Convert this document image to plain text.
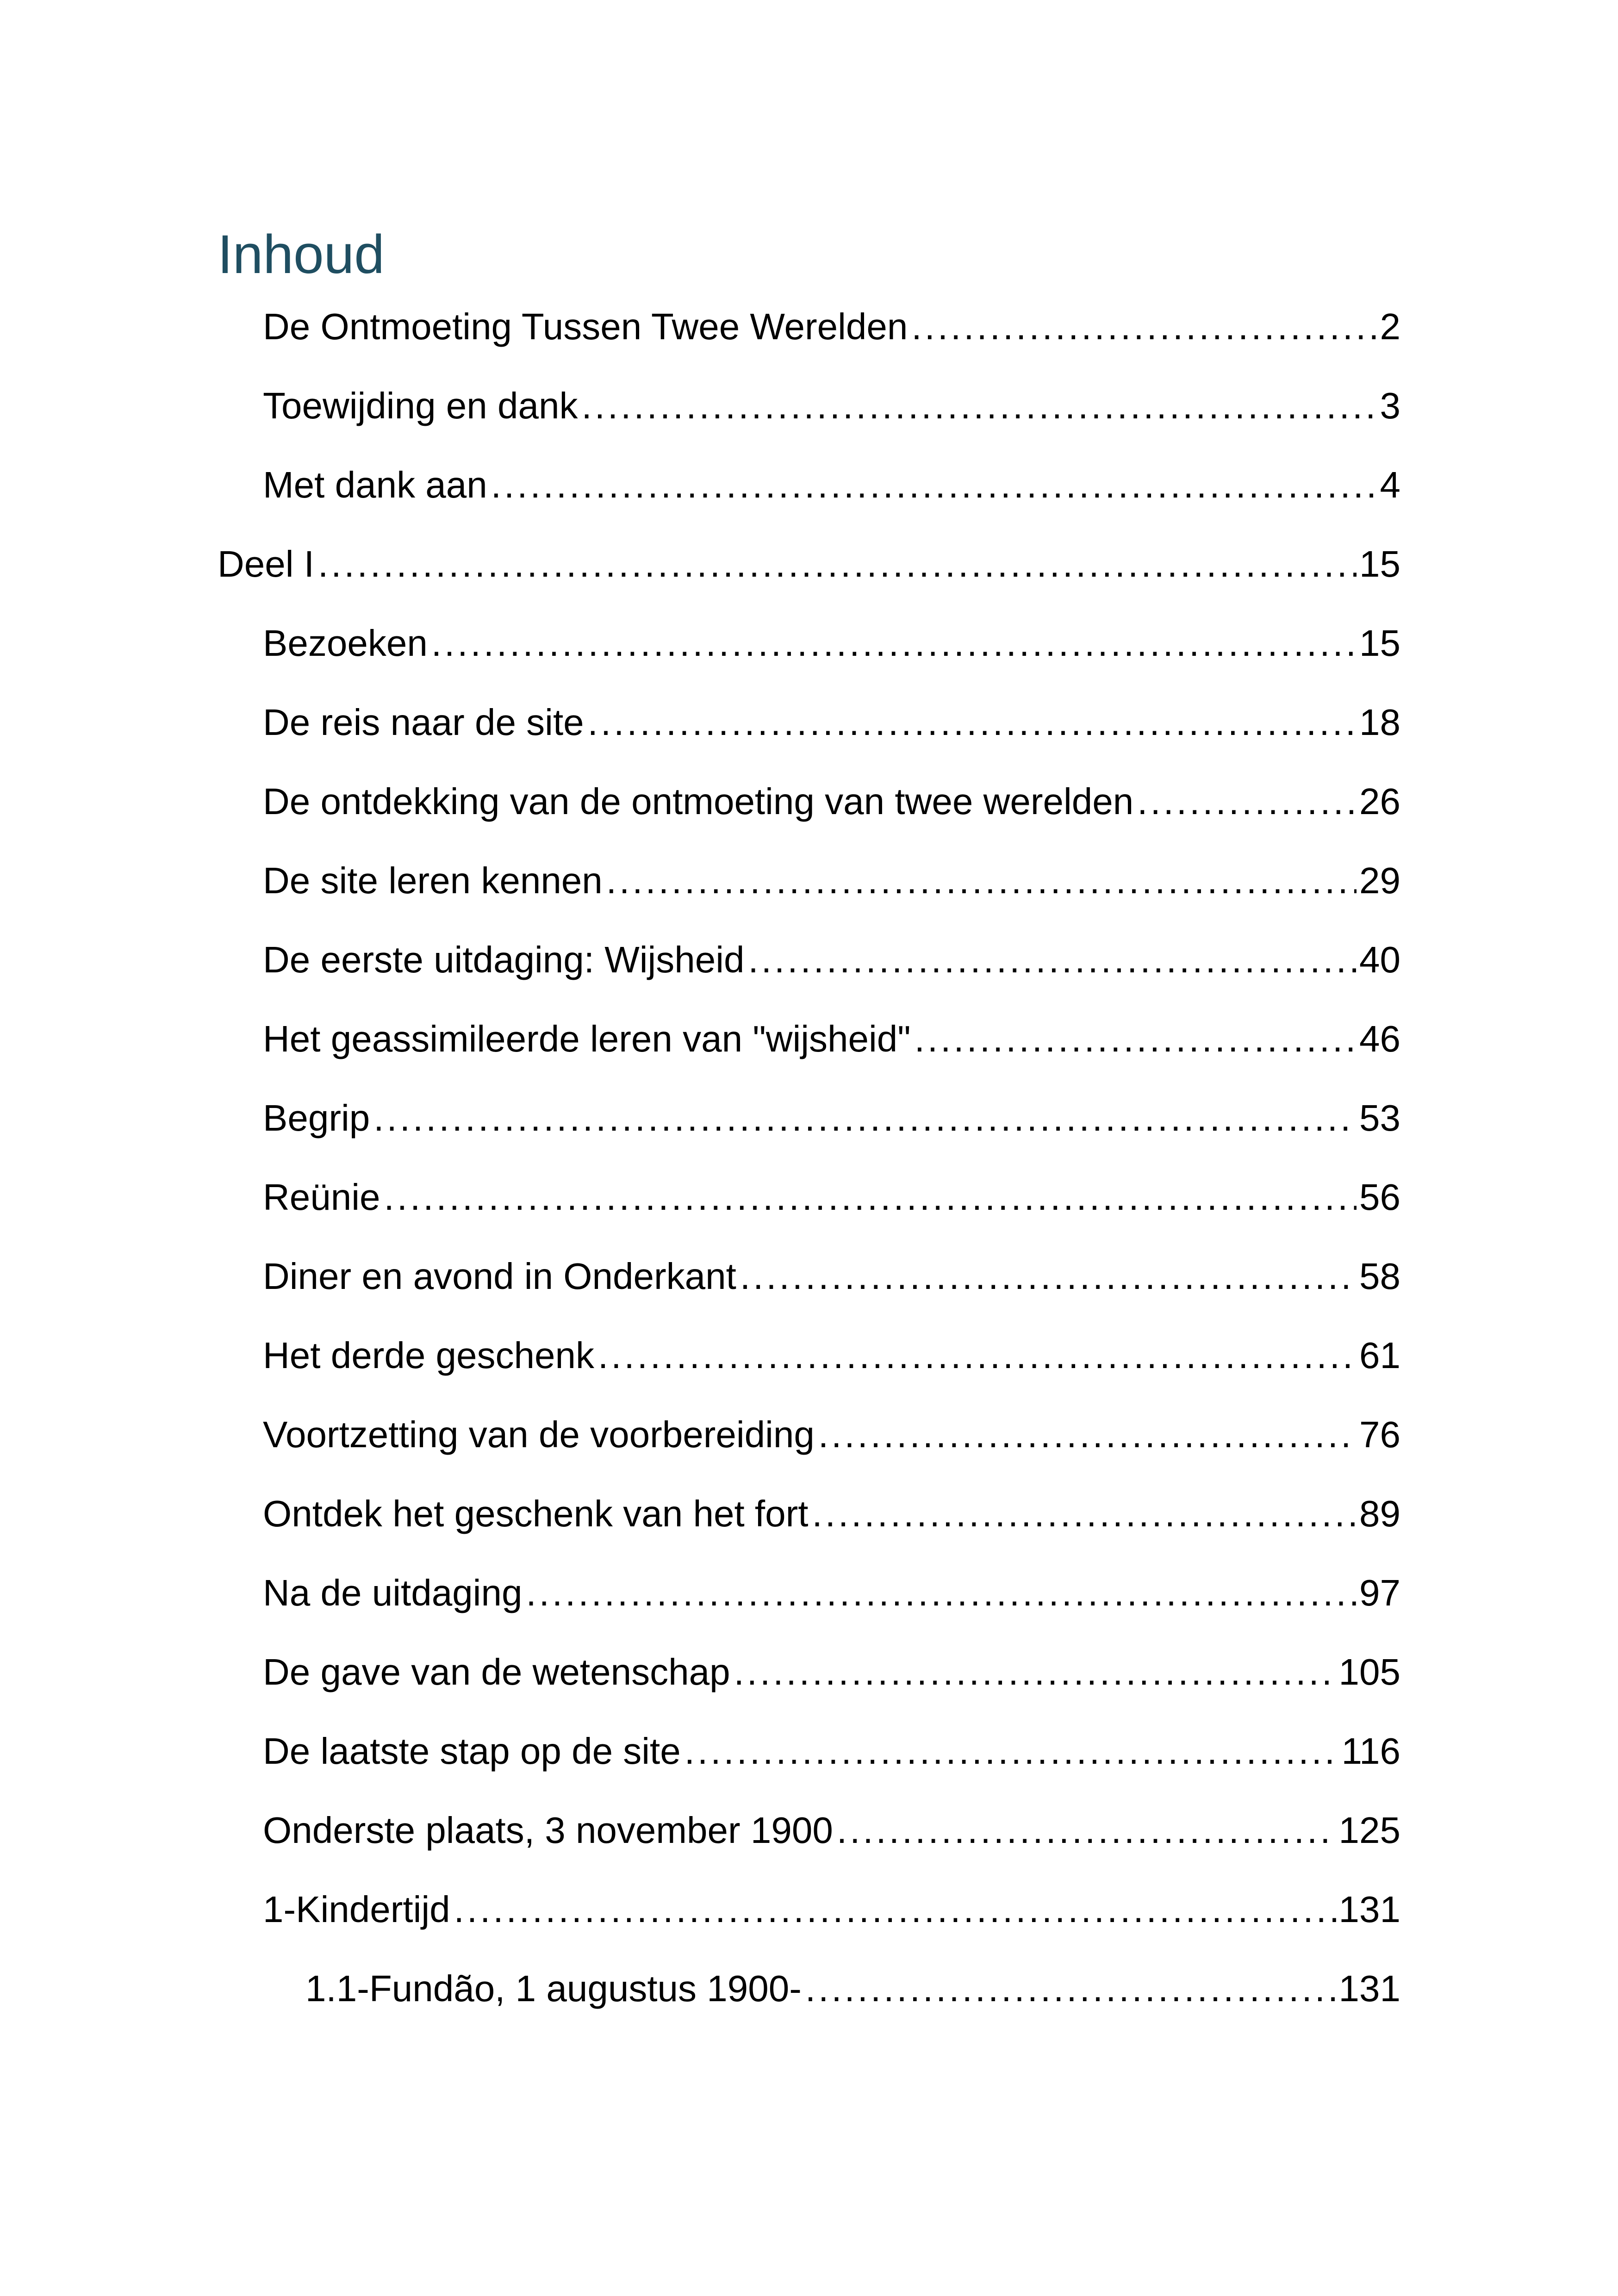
Inhoud
De Ontmoeting Tussen Twee Werelden .....	2
Toewijding en dank .....	3
Met dank aan .....	4
Deel I .....	15
Bezoeken .....	15
De reis naar de site .....	18
De ontdekking van de ontmoeting van twee werelden .....	26
De site leren kennen .....	29
De eerste uitdaging: Wijsheid .....	40
Het geassimileerde leren van "wijsheid" .....	46
Begrip .....	53
Reünie .....	56
Diner en avond in Onderkant .....	58
Het derde geschenk .....	61
Voortzetting van de voorbereiding .....	76
Ontdek het geschenk van het fort .....	89
Na de uitdaging .....	97
De gave van de wetenschap .....	105
De laatste stap op de site .....	116
Onderste plaats, 3 november 1900 .....	125
1-Kindertijd .....	131
1.1-Fundão, 1 augustus 1900- .....	131
